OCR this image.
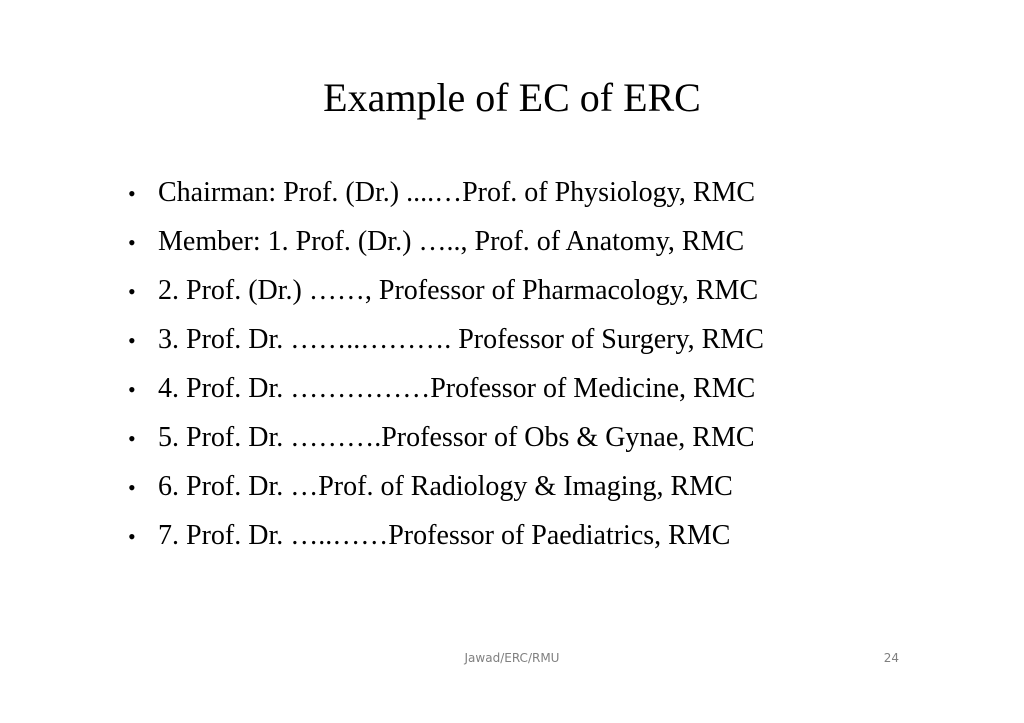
Example of EC of ERC
• Chairman: Prof. (Dr.) ....…Prof. of Physiology, RMC
• Member: 1. Prof. (Dr.) ….., Prof. of Anatomy, RMC
• 2. Prof. (Dr.) ……, Professor of Pharmacology, RMC
• 3. Prof. Dr. ……..………. Professor of Surgery, RMC
• 4. Prof. Dr. ……………Professor of Medicine, RMC
• 5. Prof. Dr. ……….Professor of Obs & Gynae, RMC
• 6. Prof. Dr. …Prof. of Radiology & Imaging, RMC
• 7. Prof. Dr. …..……Professor of Paediatrics, RMC
Jawad/ERC/RMU	24
